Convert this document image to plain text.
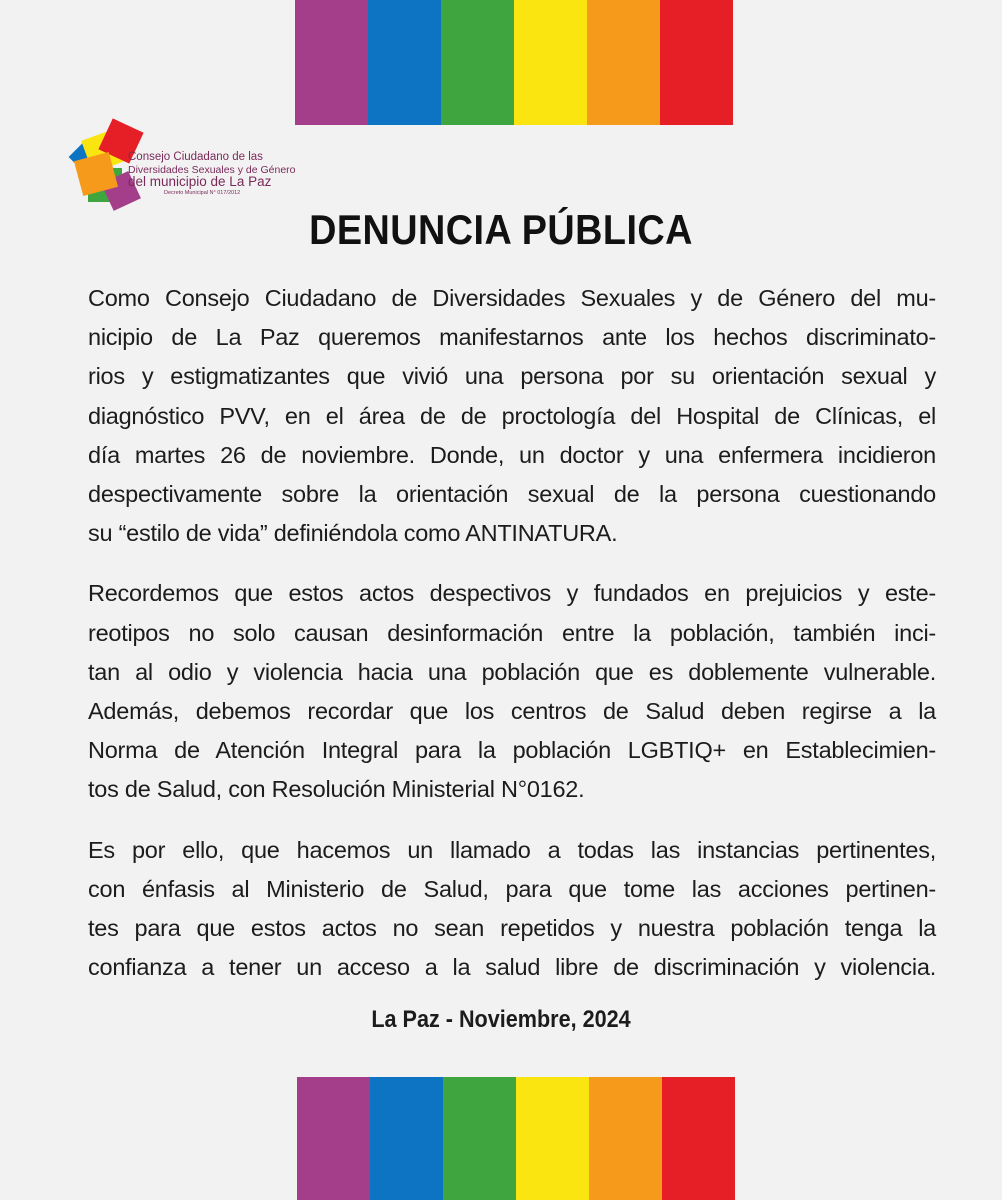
Consejo Ciudadano de las
Diversidades Sexuales y de Género
del municipio de La Paz
Decreto Municipal N° 017/2012
DENUNCIA PÚBLICA

Como Consejo Ciudadano de Diversidades Sexuales y de Género del mu-
nicipio de La Paz queremos manifestarnos ante los hechos discriminato-
rios y estigmatizantes que vivió una persona por su orientación sexual y
diagnóstico PVV, en el área de de proctología del Hospital de Clínicas, el
día martes 26 de noviembre. Donde, un doctor y una enfermera incidieron
despectivamente sobre la orientación sexual de la persona cuestionando
su “estilo de vida” definiéndola como ANTINATURA.

Recordemos que estos actos despectivos y fundados en prejuicios y este-
reotipos no solo causan desinformación entre la población, también inci-
tan al odio y violencia hacia una población que es doblemente vulnerable.
Además, debemos recordar que los centros de Salud deben regirse a la
Norma de Atención Integral para la población LGBTIQ+ en Establecimien-
tos de Salud, con Resolución Ministerial N°0162.

Es por ello, que hacemos un llamado a todas las instancias pertinentes,
con énfasis al Ministerio de Salud, para que tome las acciones pertinen-
tes para que estos actos no sean repetidos y nuestra población tenga la
confianza a tener un acceso a la salud libre de discriminación y violencia.

La Paz - Noviembre, 2024
